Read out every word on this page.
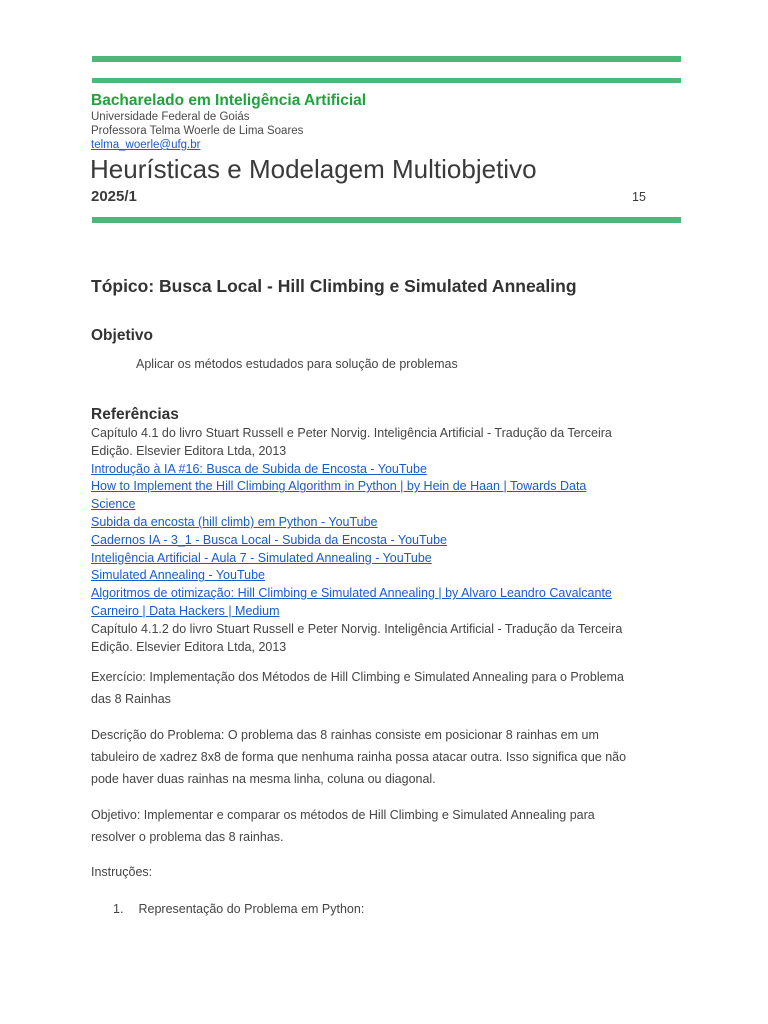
Bacharelado em Inteligência Artificial
Universidade Federal de Goiás
Professora Telma Woerle de Lima Soares
telma_woerle@ufg.br
Heurísticas e Modelagem Multiobjetivo
2025/1	15
Tópico: Busca Local - Hill Climbing e Simulated Annealing
Objetivo
Aplicar os métodos estudados para solução de problemas
Referências
Capítulo 4.1 do livro Stuart Russell e Peter Norvig. Inteligência Artificial - Tradução da Terceira
Edição. Elsevier Editora Ltda, 2013
Introdução à IA #16: Busca de Subida de Encosta - YouTube
How to Implement the Hill Climbing Algorithm in Python | by Hein de Haan | Towards Data
Science
Subida da encosta (hill climb) em Python - YouTube
Cadernos IA - 3_1 - Busca Local - Subida da Encosta - YouTube
Inteligência Artificial - Aula 7 - Simulated Annealing - YouTube
Simulated Annealing - YouTube
Algoritmos de otimização: Hill Climbing e Simulated Annealing | by Alvaro Leandro Cavalcante
Carneiro | Data Hackers | Medium
Capítulo 4.1.2 do livro Stuart Russell e Peter Norvig. Inteligência Artificial - Tradução da Terceira
Edição. Elsevier Editora Ltda, 2013
Exercício: Implementação dos Métodos de Hill Climbing e Simulated Annealing para o Problema
das 8 Rainhas
Descrição do Problema: O problema das 8 rainhas consiste em posicionar 8 rainhas em um
tabuleiro de xadrez 8x8 de forma que nenhuma rainha possa atacar outra. Isso significa que não
pode haver duas rainhas na mesma linha, coluna ou diagonal.
Objetivo: Implementar e comparar os métodos de Hill Climbing e Simulated Annealing para
resolver o problema das 8 rainhas.
Instruções:
1. Representação do Problema em Python:
